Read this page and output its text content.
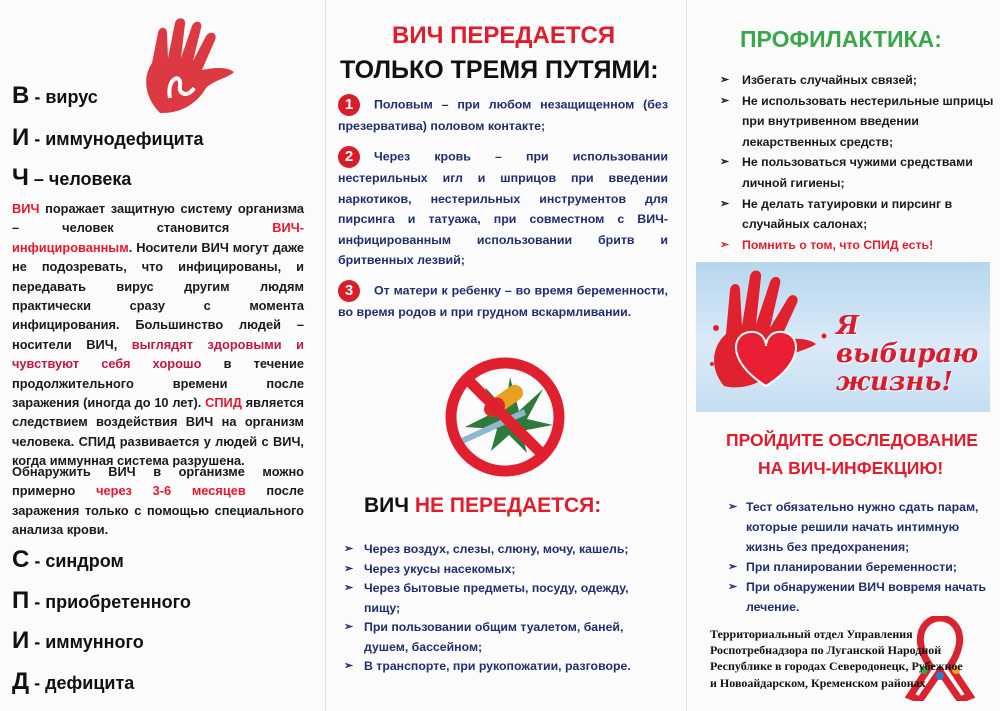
В - вирус
И - иммунодефицита
Ч – человека
ВИЧ поражает защитную систему организма – человек становится ВИЧ-инфицированным. Носители ВИЧ могут даже не подозревать, что инфицированы, и передавать вирус другим людям практически сразу с момента инфицирования. Большинство людей – носители ВИЧ, выглядят здоровыми и чувствуют себя хорошо в течение продолжительного времени после заражения (иногда до 10 лет). СПИД является следствием воздействия ВИЧ на организм человека. СПИД развивается у людей с ВИЧ, когда иммунная система разрушена.
Обнаружить ВИЧ в организме можно примерно через 3-6 месяцев после заражения только с помощью специального анализа крови.
С - синдром
П - приобретенного
И - иммунного
Д - дефицита
ВИЧ ПЕРЕДАЕТСЯ
ТОЛЬКО ТРЕМЯ ПУТЯМИ:
1 Половым – при любом незащищенном (без презерватива) половом контакте;
2 Через кровь – при использовании нестерильных игл и шприцов при введении наркотиков, нестерильных инструментов для пирсинга и татуажа, при совместном с ВИЧ-инфицированным использовании бритв и бритвенных лезвий;
3 От матери к ребенку – во время беременности, во время родов и при грудном вскармливании.
ВИЧ НЕ ПЕРЕДАЕТСЯ:
➢ Через воздух, слезы, слюну, мочу, кашель;
➢ Через укусы насекомых;
➢ Через бытовые предметы, посуду, одежду, пищу;
➢ При пользовании общим туалетом, баней, душем, бассейном;
➢ В транспорте, при рукопожатии, разговоре.
ПРОФИЛАКТИКА:
➢ Избегать случайных связей;
➢ Не использовать нестерильные шприцы при внутривенном введении лекарственных средств;
➢ Не пользоваться чужими средствами личной гигиены;
➢ Не делать татуировки и пирсинг в случайных салонах;
➢ Помнить о том, что СПИД есть!
Я выбираю жизнь!
ПРОЙДИТЕ ОБСЛЕДОВАНИЕ
НА ВИЧ-ИНФЕКЦИЮ!
➢ Тест обязательно нужно сдать парам, которые решили начать интимную жизнь без предохранения;
➢ При планировании беременности;
➢ При обнаружении ВИЧ вовремя начать лечение.
Территориальный отдел Управления Роспотребнадзора по Луганской Народной Республике в городах Северодонецк, Рубежное и Новоайдарском, Кременском районах
